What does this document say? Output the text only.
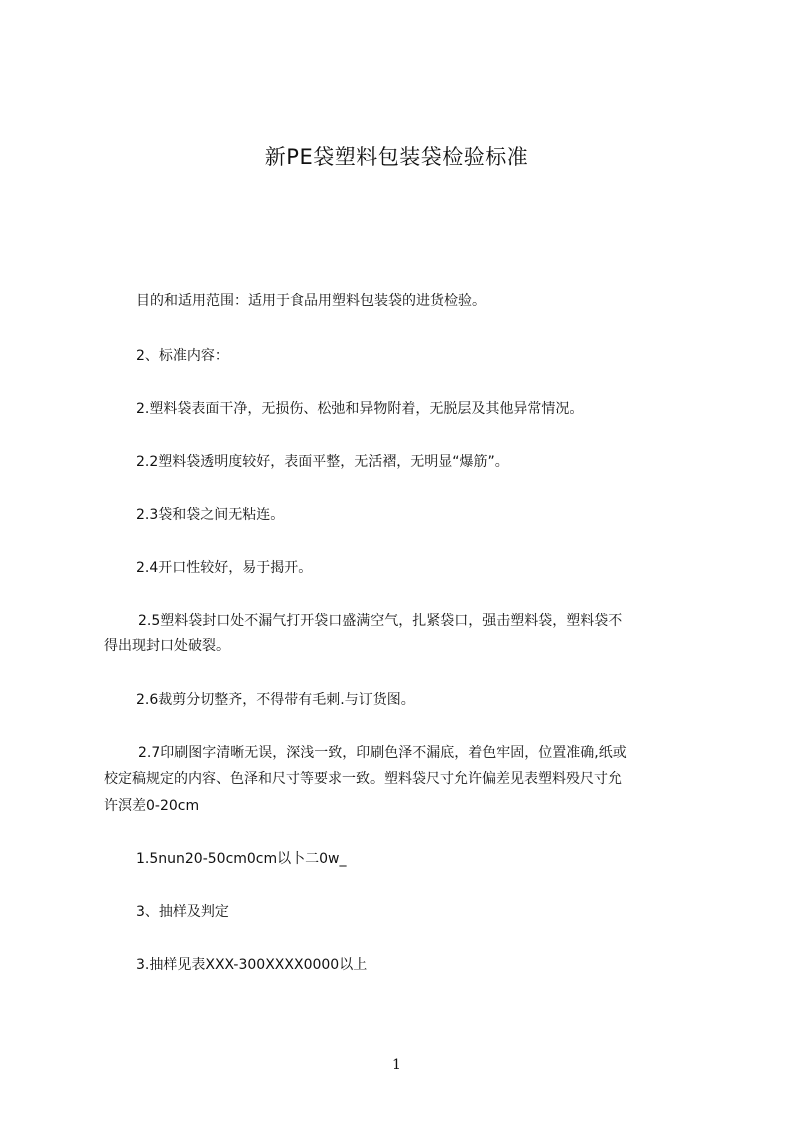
新PE袋塑料包装袋检验标准
目的和适用范围：适用于食品用塑料包装袋的进货检验。
2、标准内容：
2.塑料袋表面干净，无损伤、松弛和异物附着，无脱层及其他异常情况。
2.2塑料袋透明度较好，表面平整，无活褶，无明显“爆筋”。
2.3袋和袋之间无粘连。
2.4开口性较好，易于揭开。
2.5塑料袋封口处不漏气打开袋口盛满空气，扎紧袋口，强击塑料袋，塑料袋不
得出现封口处破裂。
2.6裁剪分切整齐，不得带有毛刺.与订货图。
2.7印刷图字清晰无误，深浅一致，印刷色泽不漏底，着色牢固，位置准确,纸或
校定稿规定的内容、色泽和尺寸等要求一致。塑料袋尺寸允许偏差见表塑料殁尺寸允
许溟差0-20cm
1.5nun20-50cm0cm以卜二0w_
3、抽样及判定
3.抽样见表XXX-300XXXX0000以上
1
